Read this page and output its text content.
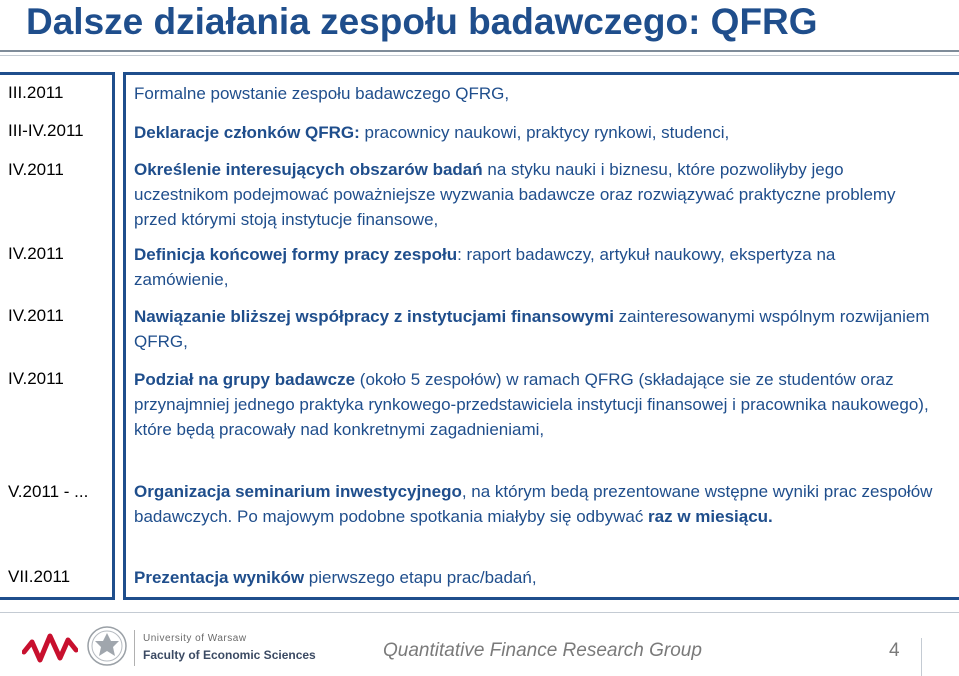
Dalsze działania zespołu badawczego: QFRG
III.2011
III-IV.2011
IV.2011
IV.2011
IV.2011
IV.2011
V.2011 - ...
VII.2011
Formalne powstanie zespołu badawczego QFRG,
Deklaracje członków QFRG: pracownicy naukowi, praktycy rynkowi, studenci,
Określenie interesujących obszarów badań na styku nauki i biznesu, które pozwoliłyby jego uczestnikom podejmować poważniejsze wyzwania badawcze oraz rozwiązywać praktyczne problemy przed którymi stoją instytucje finansowe,
Definicja końcowej formy pracy zespołu: raport badawczy, artykuł naukowy, ekspertyza na zamówienie,
Nawiązanie bliższej współpracy z instytucjami finansowymi zainteresowanymi wspólnym rozwijaniem QFRG,
Podział na grupy badawcze (około 5 zespołów) w ramach QFRG (składające sie ze studentów oraz przynajmniej jednego praktyka rynkowego-przedstawiciela instytucji finansowej i pracownika naukowego), które będą pracowały nad konkretnymi zagadnieniami,
Organizacja seminarium inwestycyjnego, na którym bedą prezentowane wstępne wyniki prac zespołów badawczych. Po majowym podobne spotkania miałyby się odbywać raz w miesiącu.
Prezentacja wyników pierwszego etapu prac/badań,
University of Warsaw
Faculty of Economic Sciences	Quantitative Finance Research Group	4
